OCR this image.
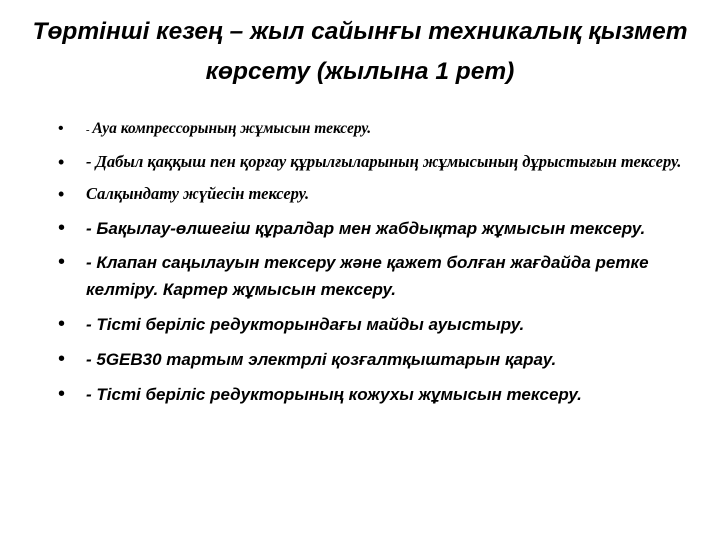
Төртінші кезең – жыл сайынғы техникалық қызмет көрсету (жылына 1 рет)
• - Ауа компрессорының жұмысын тексеру.
• - Дабыл қаққыш пен қорғау құрылғыларының жұмысының дұрыстығын тексеру.
• Салқындату жүйесін тексеру.
• - Бақылау-өлшегіш құралдар мен жабдықтар жұмысын тексеру.
• - Клапан саңылауын тексеру және қажет болған жағдайда ретке келтіру. Картер жұмысын тексеру.
• - Тісті беріліс редукторындағы майды ауыстыру.
• - 5GEB30 тартым электрлі қозғалтқыштарын қарау.
• - Тісті беріліс редукторының кожухы жұмысын тексеру.
